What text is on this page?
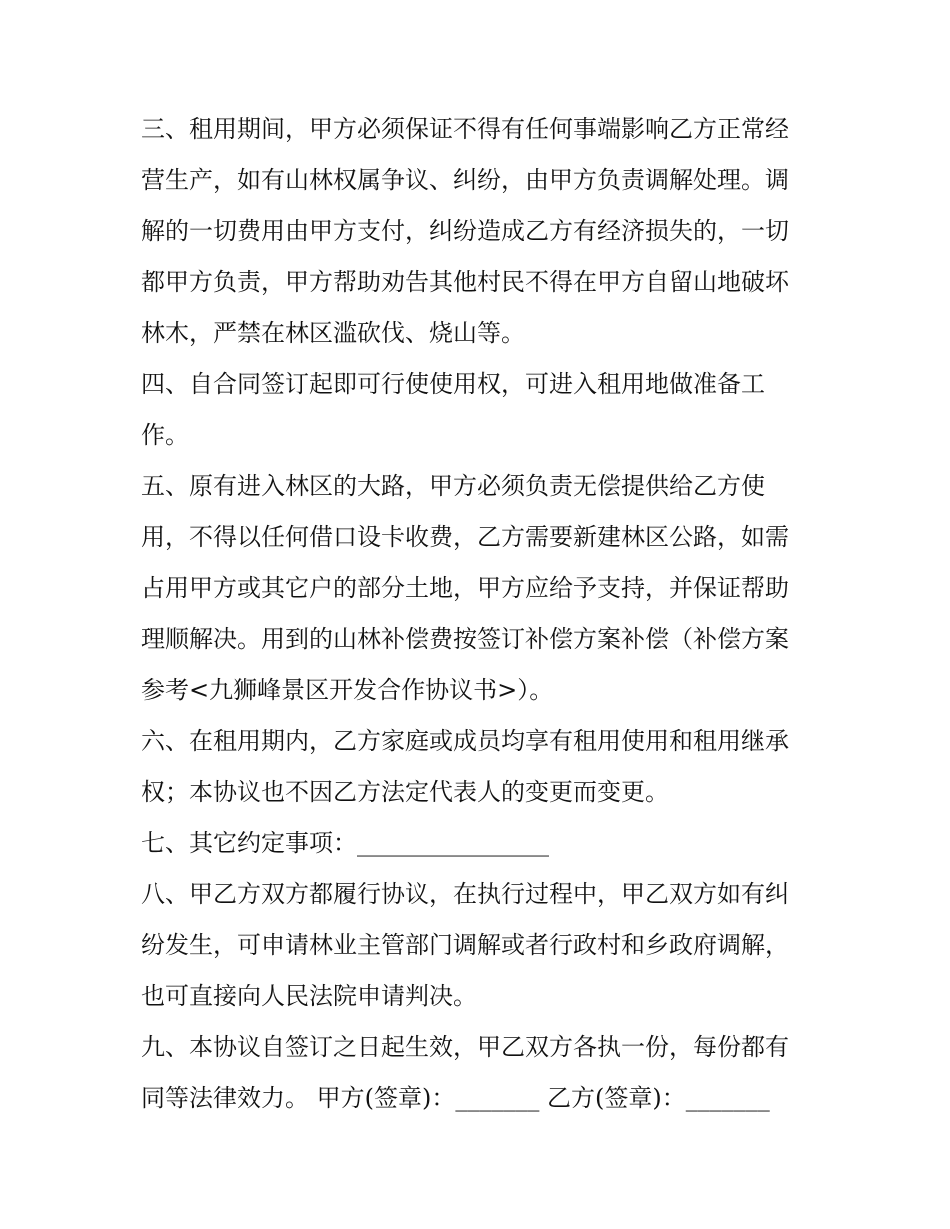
三、租用期间，甲方必须保证不得有任何事端影响乙方正常经

营生产，如有山林权属争议、纠纷，由甲方负责调解处理。调

解的一切费用由甲方支付，纠纷造成乙方有经济损失的，一切

都甲方负责，甲方帮助劝告其他村民不得在甲方自留山地破坏

林木，严禁在林区滥砍伐、烧山等。

四、自合同签订起即可行使使用权，可进入租用地做准备工

作。

五、原有进入林区的大路，甲方必须负责无偿提供给乙方使

用，不得以任何借口设卡收费，乙方需要新建林区公路，如需

占用甲方或其它户的部分土地，甲方应给予支持，并保证帮助

理顺解决。用到的山林补偿费按签订补偿方案补偿（补偿方案

参考<九狮峰景区开发合作协议书>）。

六、在租用期内，乙方家庭或成员均享有租用使用和租用继承

权；本协议也不因乙方法定代表人的变更而变更。

七、其它约定事项：________________

八、甲乙方双方都履行协议，在执行过程中，甲乙双方如有纠

纷发生，可申请林业主管部门调解或者行政村和乡政府调解，

也可直接向人民法院申请判决。

九、本协议自签订之日起生效，甲乙双方各执一份，每份都有

同等法律效力。 甲方(签章)：_______ 乙方(签章)：_______
